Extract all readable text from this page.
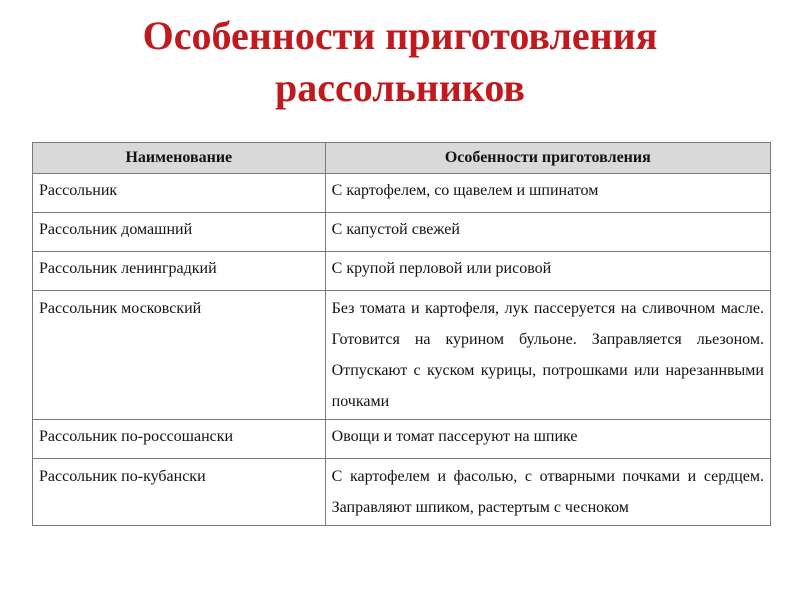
Особенности приготовления
рассольников
Наименование	Особенности приготовления
Рассольник	С картофелем, со щавелем и шпинатом
Рассольник домашний	С капустой свежей
Рассольник ленинградкий	С крупой перловой или рисовой
Рассольник московский	Без томата и картофеля, лук пассеруется на сливочном масле. Готовится на курином бульоне. Заправляется льезоном. Отпускают с куском курицы, потрошками или нарезаннвыми почками
Рассольник по-россошански	Овощи и томат пассеруют на шпике
Рассольник по-кубански	С картофелем и фасолью, с отварными почками и сердцем. Заправляют шпиком, растертым с чесноком
